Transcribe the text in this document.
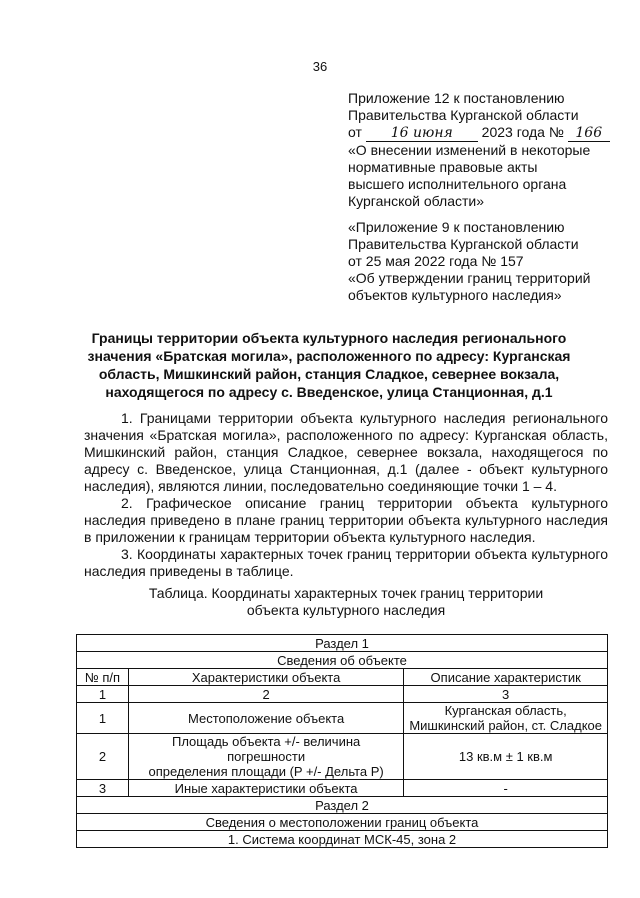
36
Приложение 12 к постановлению
Правительства Курганской области
от 16 июня 2023 года № 166
«О внесении изменений в некоторые
нормативные правовые акты
высшего исполнительного органа
Курганской области»
«Приложение 9 к постановлению
Правительства Курганской области
от 25 мая 2022 года № 157
«Об утверждении границ территорий
объектов культурного наследия»
Границы территории объекта культурного наследия регионального
значения «Братская могила», расположенного по адресу: Курганская
область, Мишкинский район, станция Сладкое, севернее вокзала,
находящегося по адресу с. Введенское, улица Станционная, д.1

1. Границами территории объекта культурного наследия регионального значения «Братская могила», расположенного по адресу: Курганская область, Мишкинский район, станция Сладкое, севернее вокзала, находящегося по адресу с. Введенское, улица Станционная, д.1 (далее - объект культурного наследия), являются линии, последовательно соединяющие точки 1 – 4.

2. Графическое описание границ территории объекта культурного наследия приведено в плане границ территории объекта культурного наследия в приложении к границам территории объекта культурного наследия.

3. Координаты характерных точек границ территории объекта культурного наследия приведены в таблице.

Таблица. Координаты характерных точек границ территории
объекта культурного наследия
Раздел 1		
Сведения об объекте		
№ п/п	Характеристики объекта	Описание характеристик
1	2	3
1	Местоположение объекта	Курганская область,
Мишкинский район, ст. Сладкое

2	Площадь объекта +/- величина погрешности
определения площади (P +/- Дельта P)	13 кв.м ± 1 кв.м
3	Иные характеристики объекта	-
Раздел 2		
Сведения о местоположении границ объекта		
1. Система координат МСК-45, зона 2		
